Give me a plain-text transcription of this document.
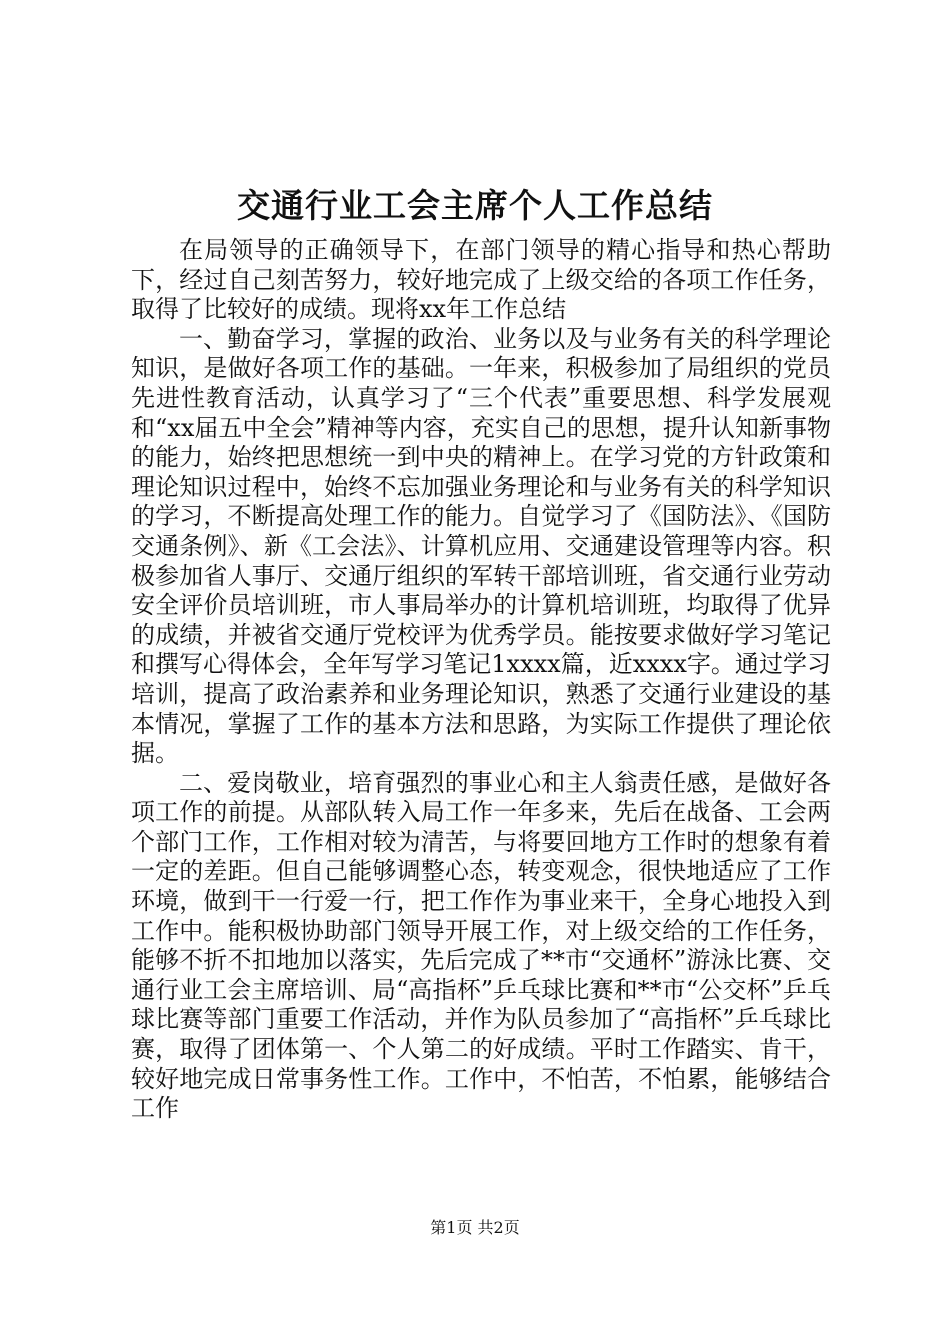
交通行业工会主席个人工作总结

在局领导的正确领导下，在部门领导的精心指导和热心帮助下，经过自己刻苦努力，较好地完成了上级交给的各项工作任务，取得了比较好的成绩。现将xx年工作总结

一、勤奋学习，掌握的政治、业务以及与业务有关的科学理论知识，是做好各项工作的基础。一年来，积极参加了局组织的党员先进性教育活动，认真学习了“三个代表”重要思想、科学发展观和“xx届五中全会”精神等内容，充实自己的思想，提升认知新事物的能力，始终把思想统一到中央的精神上。在学习党的方针政策和理论知识过程中，始终不忘加强业务理论和与业务有关的科学知识的学习，不断提高处理工作的能力。自觉学习了《国防法》、《国防交通条例》、新《工会法》、计算机应用、交通建设管理等内容。积极参加省人事厅、交通厅组织的军转干部培训班，省交通行业劳动安全评价员培训班，市人事局举办的计算机培训班，均取得了优异的成绩，并被省交通厅党校评为优秀学员。能按要求做好学习笔记和撰写心得体会，全年写学习笔记1xxxx篇，近xxxx字。通过学习培训，提高了政治素养和业务理论知识，熟悉了交通行业建设的基本情况，掌握了工作的基本方法和思路，为实际工作提供了理论依据。

二、爱岗敬业，培育强烈的事业心和主人翁责任感，是做好各项工作的前提。从部队转入局工作一年多来，先后在战备、工会两个部门工作，工作相对较为清苦，与将要回地方工作时的想象有着一定的差距。但自己能够调整心态，转变观念，很快地适应了工作环境，做到干一行爱一行，把工作作为事业来干，全身心地投入到工作中。能积极协助部门领导开展工作，对上级交给的工作任务，能够不折不扣地加以落实，先后完成了**市“交通杯”游泳比赛、交通行业工会主席培训、局“高指杯”乒乓球比赛和**市“公交杯”乒乓球比赛等部门重要工作活动，并作为队员参加了“高指杯”乒乓球比赛，取得了团体第一、个人第二的好成绩。平时工作踏实、肯干，较好地完成日常事务性工作。工作中，不怕苦，不怕累，能够结合工作

第1页 共2页
